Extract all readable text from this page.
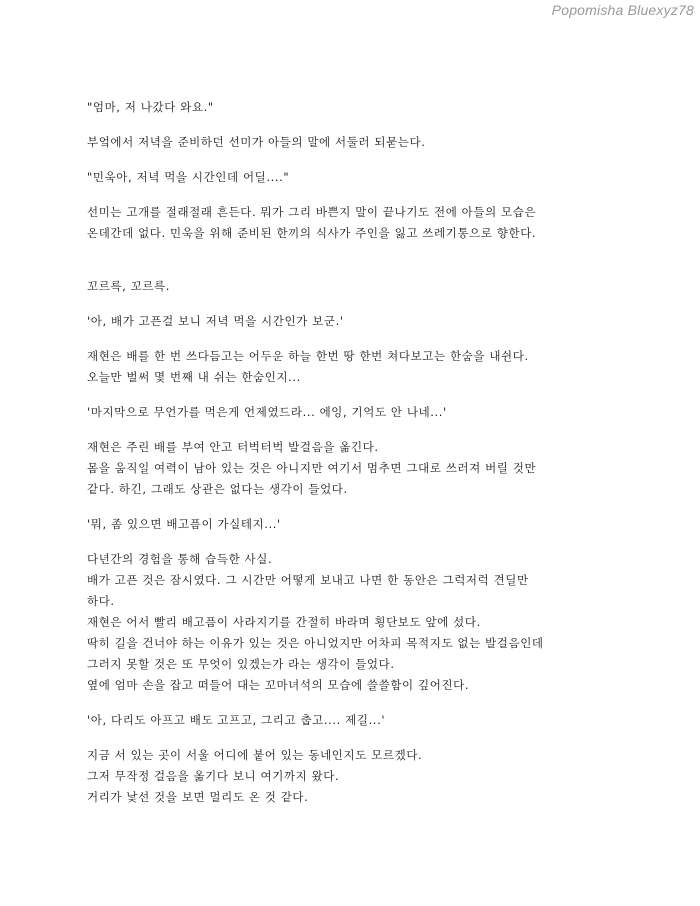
Popomisha Bluexyz78

"엄마, 저 나갔다 와요."

부엌에서 저녁을 준비하던 선미가 아들의 말에 서둘러 되묻는다.

"민욱아, 저녁 먹을 시간인데 어딜...."

선미는 고개를 절래절래 흔든다. 뭐가 그리 바쁜지 말이 끝나기도 전에 아들의 모습은
온데간데 없다. 민욱을 위해 준비된 한끼의 식사가 주인을 잃고 쓰레기통으로 향한다.

꼬르륵, 꼬르륵.

'아, 배가 고픈걸 보니 저녁 먹을 시간인가 보군.'

재현은 배를 한 번 쓰다듬고는 어두운 하늘 한번 땅 한번 쳐다보고는 한숨을 내쉰다.
오늘만 벌써 몇 번째 내 쉬는 한숨인지...

'마지막으로 무언가를 먹은게 언제였드라... 에잉, 기억도 안 나네...'

재현은 주린 배를 부여 안고 터벅터벅 발걸음을 옮긴다.
몸을 움직일 여력이 남아 있는 것은 아니지만 여기서 멈추면 그대로 쓰러져 버릴 것만
같다. 하긴, 그래도 상관은 없다는 생각이 들었다.

'뭐, 좀 있으면 배고픔이 가실테지...'

다년간의 경험을 통해 습득한 사실.
배가 고픈 것은 잠시였다. 그 시간만 어떻게 보내고 나면 한 동안은 그럭저럭 견딜만
하다.
재현은 어서 빨리 배고픔이 사라지기를 간절히 바라며 횡단보도 앞에 섰다.
딱히 길을 건너야 하는 이유가 있는 것은 아니었지만 어차피 목적지도 없는 발걸음인데
그러지 못할 것은 또 무엇이 있겠는가 라는 생각이 들었다.
옆에 엄마 손을 잡고 떠들어 대는 꼬마녀석의 모습에 쓸쓸함이 깊어진다.

'아, 다리도 아프고 배도 고프고, 그리고 춥고.... 제길...'

지금 서 있는 곳이 서울 어디에 붙어 있는 동네인지도 모르겠다.
그저 무작정 걸음을 옮기다 보니 여기까지 왔다.
거리가 낯선 것을 보면 멀리도 온 것 같다.
